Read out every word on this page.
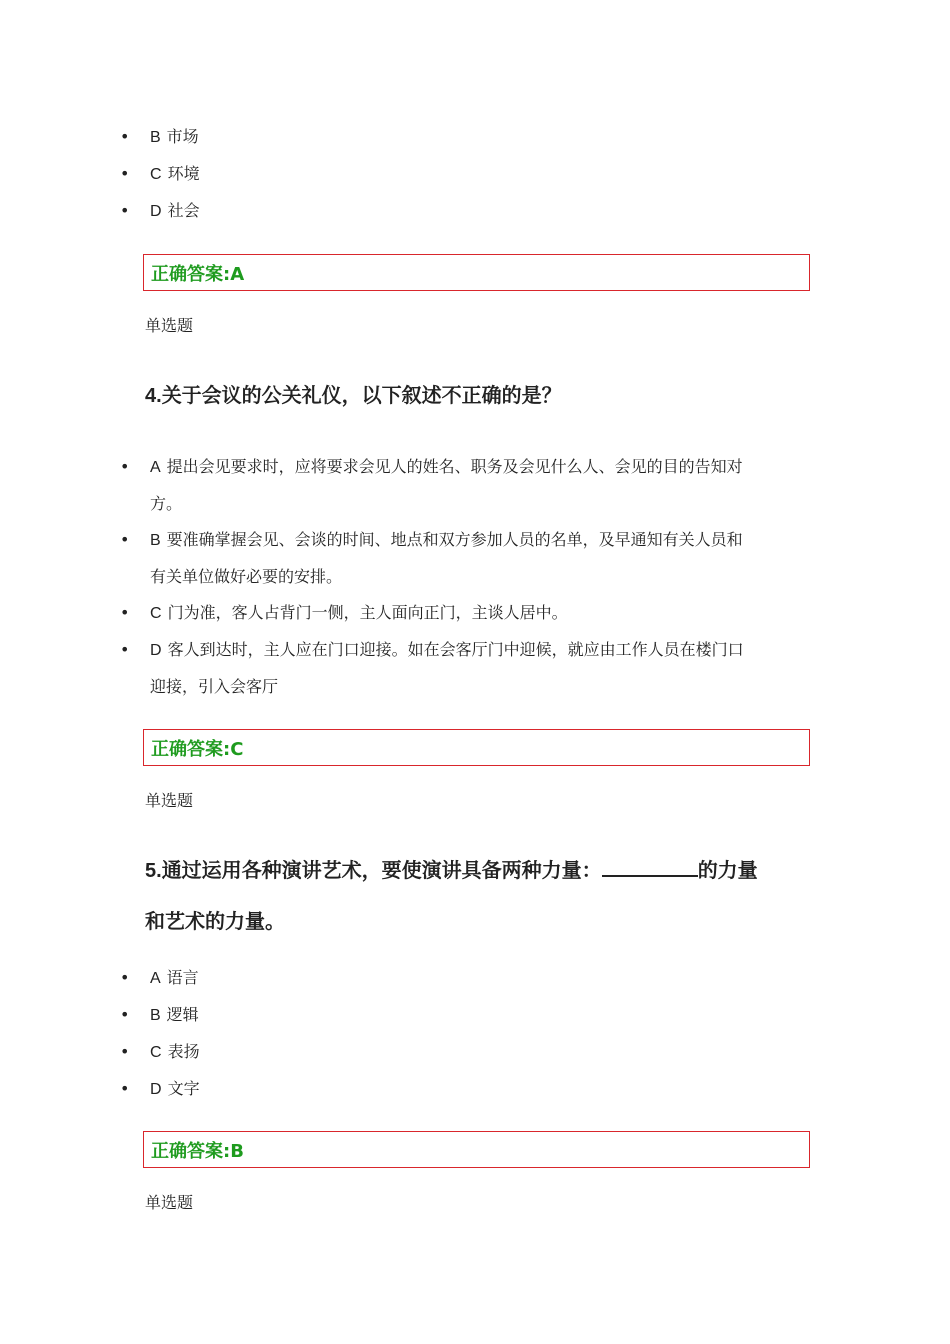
• B 市场
• C 环境
• D 社会
正确答案:A
单选题
4.关于会议的公关礼仪，以下叙述不正确的是？
• A 提出会见要求时，应将要求会见人的姓名、职务及会见什么人、会见的目的告知对
方。
• B 要准确掌握会见、会谈的时间、地点和双方参加人员的名单，及早通知有关人员和
有关单位做好必要的安排。
• C 门为准，客人占背门一侧，主人面向正门，主谈人居中。
• D 客人到达时，主人应在门口迎接。如在会客厅门中迎候，就应由工作人员在楼门口
迎接，引入会客厅
正确答案:C
单选题
5.通过运用各种演讲艺术，要使演讲具备两种力量：	的力量
和艺术的力量。
• A 语言
• B 逻辑
• C 表扬
• D 文字
正确答案:B
单选题
